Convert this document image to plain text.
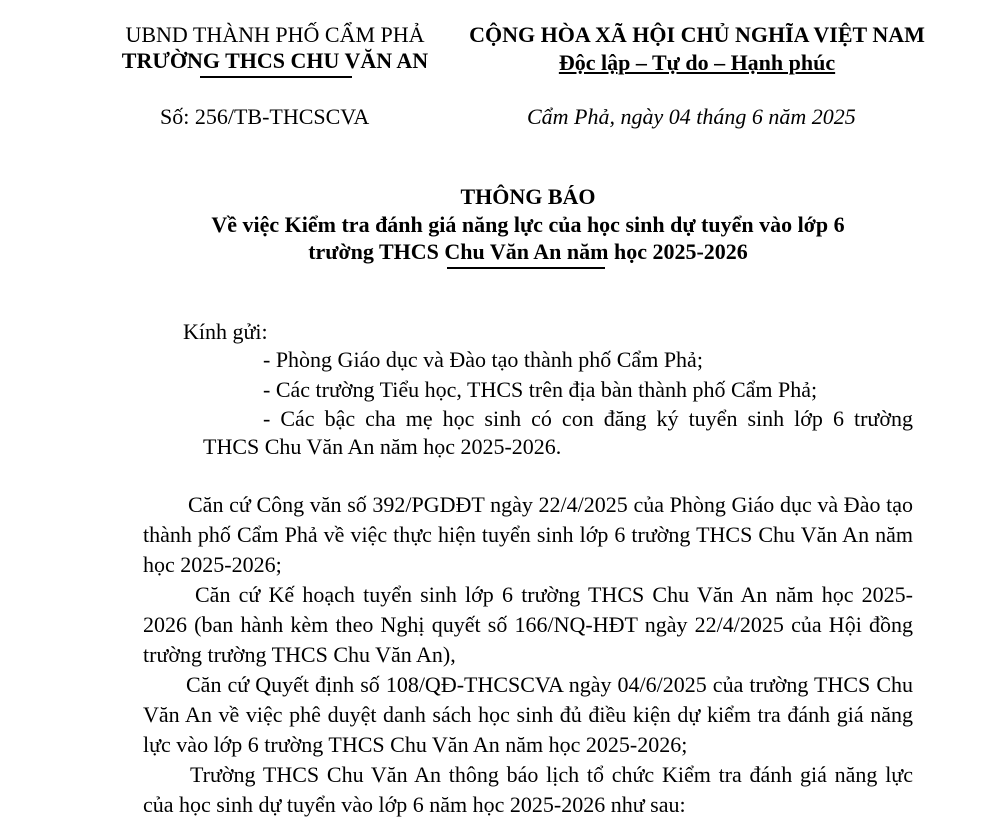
UBND THÀNH PHỐ CẨM PHẢ
TRƯỜNG THCS CHU VĂN AN
CỘNG HÒA XÃ HỘI CHỦ NGHĨA VIỆT NAM
Độc lập – Tự do – Hạnh phúc
Số: 256/TB-THCSCVA	Cẩm Phả, ngày 04 tháng 6 năm 2025
THÔNG BÁO
Về việc Kiểm tra đánh giá năng lực của học sinh dự tuyển vào lớp 6
trường THCS Chu Văn An năm học 2025-2026
Kính gửi:
- Phòng Giáo dục và Đào tạo thành phố Cẩm Phả;
- Các trường Tiểu học, THCS trên địa bàn thành phố Cẩm Phả;
- Các bậc cha mẹ học sinh có con đăng ký tuyển sinh lớp 6 trường
THCS Chu Văn An năm học 2025-2026.

Căn cứ Công văn số 392/PGDĐT ngày 22/4/2025 của Phòng Giáo dục và Đào tạo thành phố Cẩm Phả về việc thực hiện tuyển sinh lớp 6 trường THCS Chu Văn An năm học 2025-2026;

Căn cứ Kế hoạch tuyển sinh lớp 6 trường THCS Chu Văn An năm học 2025-2026 (ban hành kèm theo Nghị quyết số 166/NQ-HĐT ngày 22/4/2025 của Hội đồng trường trường THCS Chu Văn An),

Căn cứ Quyết định số 108/QĐ-THCSCVA ngày 04/6/2025 của trường THCS Chu Văn An về việc phê duyệt danh sách học sinh đủ điều kiện dự kiểm tra đánh giá năng lực vào lớp 6 trường THCS Chu Văn An năm học 2025-2026;

Trường THCS Chu Văn An thông báo lịch tổ chức Kiểm tra đánh giá năng lực của học sinh dự tuyển vào lớp 6 năm học 2025-2026 như sau:
